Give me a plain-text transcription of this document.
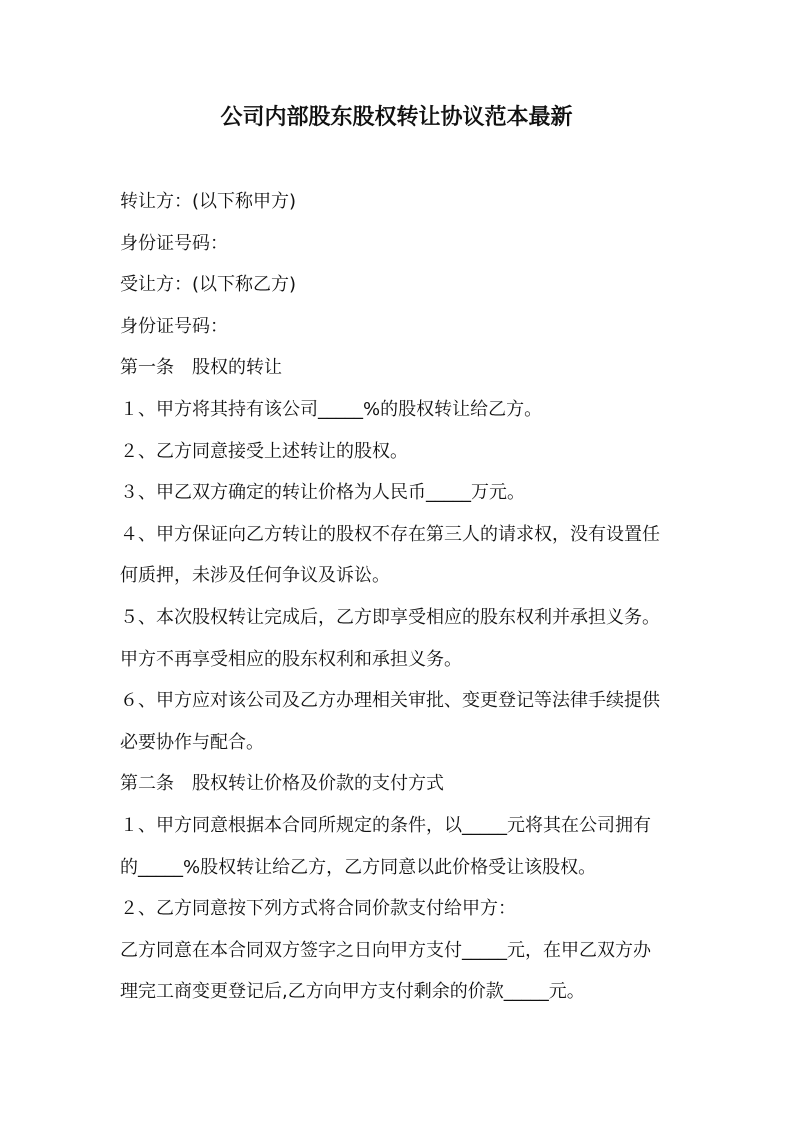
公司内部股东股权转让协议范本最新

转让方：(以下称甲方)

身份证号码：

受让方：(以下称乙方)

身份证号码：

第一条　股权的转让

１、甲方将其持有该公司_____%的股权转让给乙方。

２、乙方同意接受上述转让的股权。

３、甲乙双方确定的转让价格为人民币_____万元。

４、甲方保证向乙方转让的股权不存在第三人的请求权，没有设置任

何质押，未涉及任何争议及诉讼。

５、本次股权转让完成后，乙方即享受相应的股东权利并承担义务。

甲方不再享受相应的股东权利和承担义务。

６、甲方应对该公司及乙方办理相关审批、变更登记等法律手续提供

必要协作与配合。

第二条　股权转让价格及价款的支付方式

１、甲方同意根据本合同所规定的条件，以_____元将其在公司拥有

的_____%股权转让给乙方，乙方同意以此价格受让该股权。

２、乙方同意按下列方式将合同价款支付给甲方：

乙方同意在本合同双方签字之日向甲方支付_____元，在甲乙双方办

理完工商变更登记后,乙方向甲方支付剩余的价款_____元。
